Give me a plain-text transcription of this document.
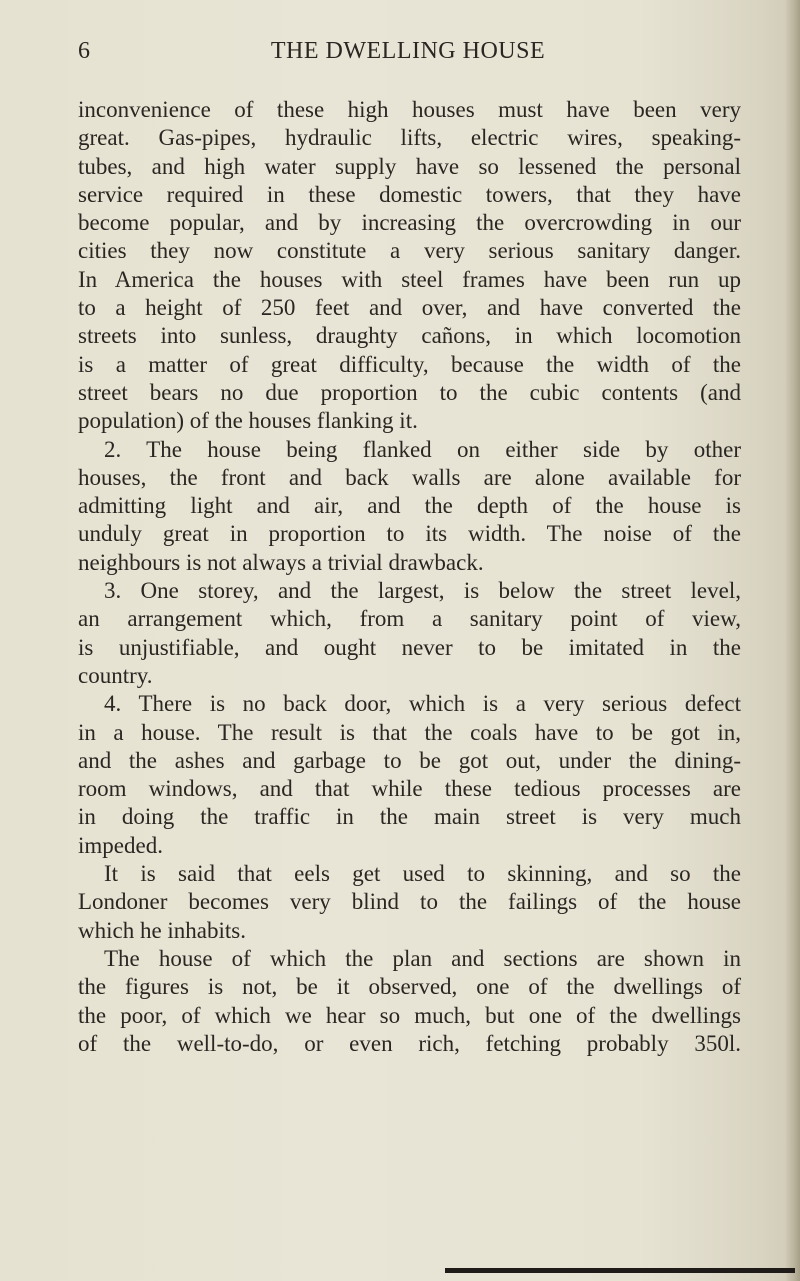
6	THE DWELLING HOUSE
inconvenience of these high houses must have been very
great. Gas-pipes, hydraulic lifts, electric wires, speaking-
tubes, and high water supply have so lessened the personal
service required in these domestic towers, that they have
become popular, and by increasing the overcrowding in our
cities they now constitute a very serious sanitary danger.
In America the houses with steel frames have been run up
to a height of 250 feet and over, and have converted the
streets into sunless, draughty cañons, in which locomotion
is a matter of great difficulty, because the width of the
street bears no due proportion to the cubic contents (and
population) of the houses flanking it.
2. The house being flanked on either side by other
houses, the front and back walls are alone available for
admitting light and air, and the depth of the house is
unduly great in proportion to its width. The noise of the
neighbours is not always a trivial drawback.
3. One storey, and the largest, is below the street level,
an arrangement which, from a sanitary point of view,
is unjustifiable, and ought never to be imitated in the
country.
4. There is no back door, which is a very serious defect
in a house. The result is that the coals have to be got in,
and the ashes and garbage to be got out, under the dining-
room windows, and that while these tedious processes are
in doing the traffic in the main street is very much
impeded.
It is said that eels get used to skinning, and so the
Londoner becomes very blind to the failings of the house
which he inhabits.
The house of which the plan and sections are shown in
the figures is not, be it observed, one of the dwellings of
the poor, of which we hear so much, but one of the dwellings
of the well-to-do, or even rich, fetching probably 350l.
